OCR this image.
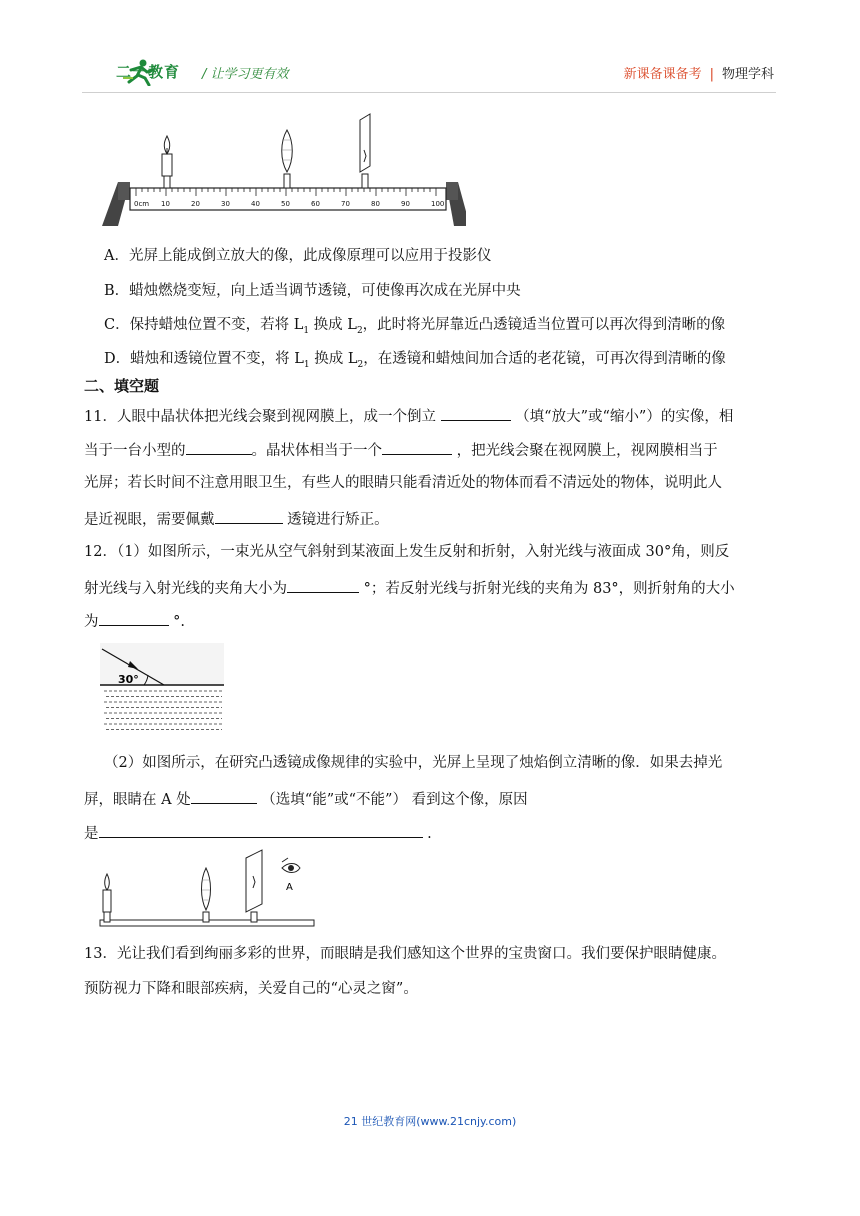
二一教育 / 让学习更有效	新课备课备考 | 物理学科
0cm 10	20	30	40	50	60	70	80	90	100
A．光屏上能成倒立放大的像，此成像原理可以应用于投影仪
B．蜡烛燃烧变短，向上适当调节透镜，可使像再次成在光屏中央
C．保持蜡烛位置不变，若将 $L_1$ 换成 $L_2$，此时将光屏靠近凸透镜适当位置可以再次得到清晰的像
D．蜡烛和透镜位置不变，将 $L_1$ 换成 $L_2$，在透镜和蜡烛间加合适的老花镜，可再次得到清晰的像
二、填空题
11．人眼中晶状体把光线会聚到视网膜上，成一个倒立	（填“放大”或“缩小”）的实像，相
当于一台小型的	。晶状体相当于一个	，把光线会聚在视网膜上，视网膜相当于
光屏；若长时间不注意用眼卫生，有些人的眼睛只能看清近处的物体而看不清远处的物体，说明此人
是近视眼，需要佩戴	透镜进行矫正。
12．（1）如图所示，一束光从空气斜射到某液面上发生反射和折射，入射光线与液面成 30°角，则反
射光线与入射光线的夹角大小为	°；若反射光线与折射光线的夹角为 83°，则折射角的大小
为	°.
30°
（2）如图所示，在研究凸透镜成像规律的实验中，光屏上呈现了烛焰倒立清晰的像．如果去掉光
屏，眼睛在 A 处	（选填“能”或“不能”） 看到这个像，原因
是	.
A
13．光让我们看到绚丽多彩的世界，而眼睛是我们感知这个世界的宝贵窗口。我们要保护眼睛健康。
预防视力下降和眼部疾病，关爱自己的“心灵之窗”。
21 世纪教育网(www.21cnjy.com)
